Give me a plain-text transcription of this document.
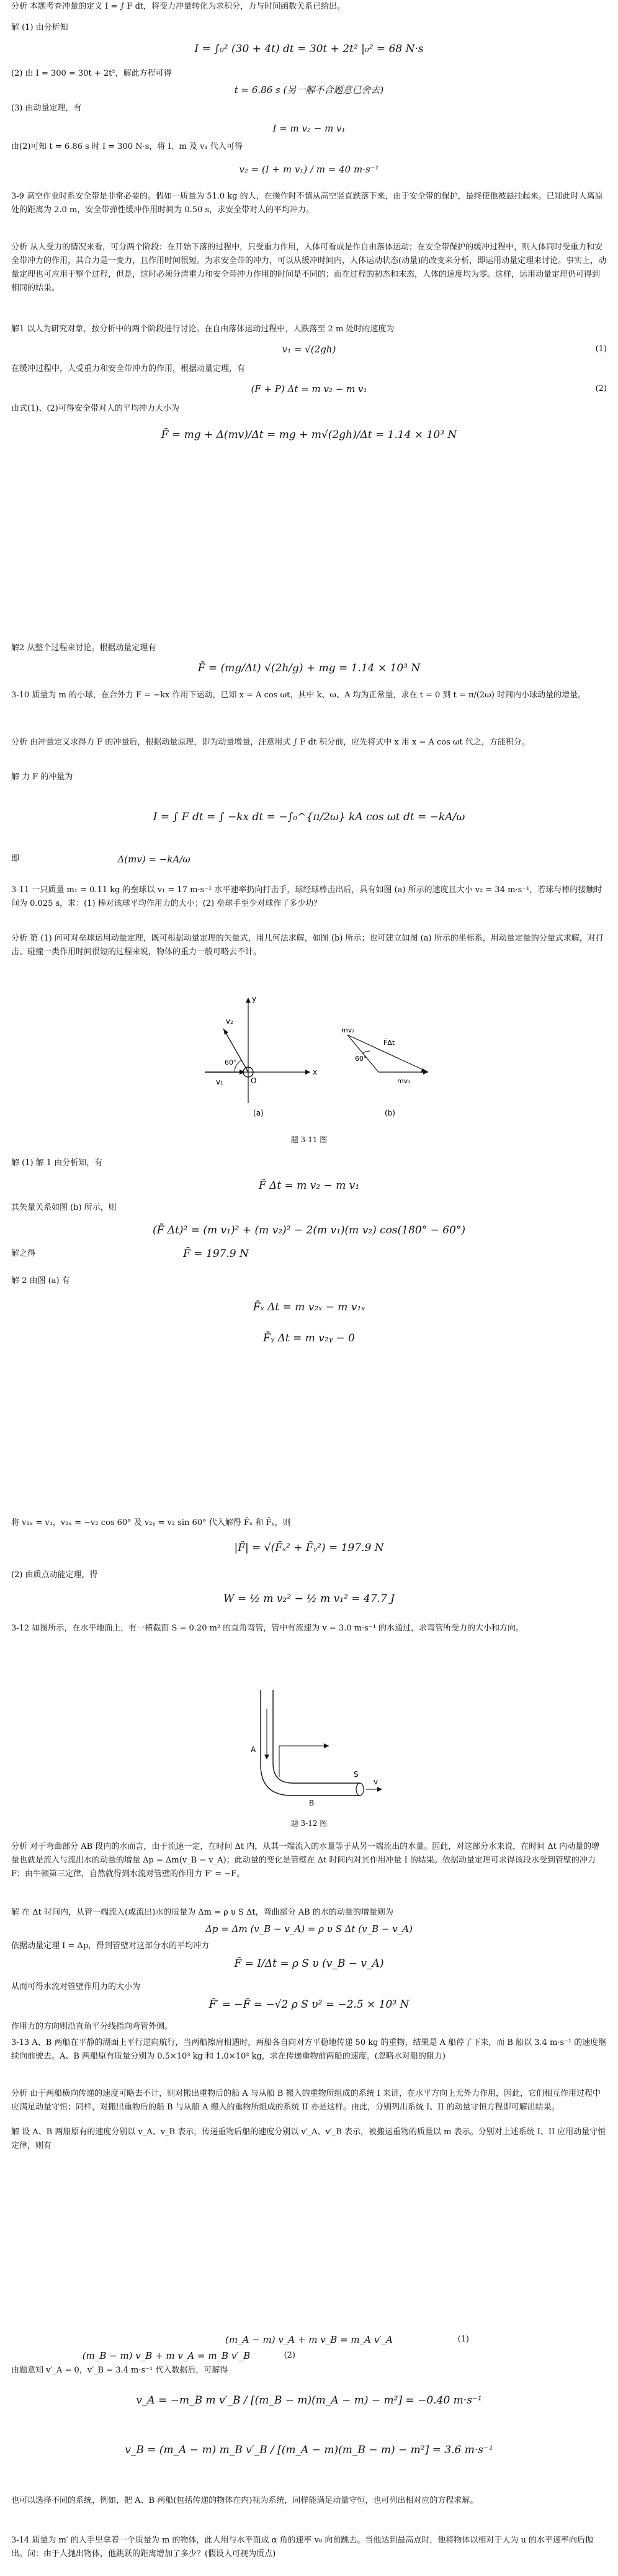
分析 本题考查冲量的定义 I = ∫ F dt，将变力冲量转化为求积分，力与时间函数关系已给出。

解 (1) 由分析知

I = ∫₀² (30 + 4t) dt = 30t + 2t² |₀² = 68 N·s

(2) 由 I = 300 = 30t + 2t²，解此方程可得

t = 6.86 s (另一解不合题意已舍去)

(3) 由动量定理，有

I = m v₂ − m v₁

由(2)可知 t = 6.86 s 时 I = 300 N·s，将 I、m 及 v₁ 代入可得

v₂ = (I + m v₁) / m = 40 m·s⁻¹

3-9 高空作业时系安全带是非常必要的。假如一质量为 51.0 kg 的人，在操作时不慎从高空竖直跌落下来，由于安全带的保护，最终使他被悬挂起来。已知此时人离原处的距离为 2.0 m，安全带弹性缓冲作用时间为 0.50 s，求安全带对人的平均冲力。

分析 从人受力的情况来看，可分两个阶段：在开始下落的过程中，只受重力作用，人体可看成是作自由落体运动；在安全带保护的缓冲过程中，则人体同时受重力和安全带冲力的作用，其合力是一变力，且作用时间很短。为求安全带的冲力，可以从缓冲时间内，人体运动状态(动量)的改变来分析，即运用动量定理来讨论。事实上，动量定理也可应用于整个过程，但是，这时必须分清重力和安全带冲力作用的时间是不同的；而在过程的初态和末态，人体的速度均为零。这样，运用动量定理仍可得到相同的结果。

解1 以人为研究对象，按分析中的两个阶段进行讨论。在自由落体运动过程中，人跌落至 2 m 处时的速度为

v₁ = √(2gh)	(1)

在缓冲过程中，人受重力和安全带冲力的作用，根据动量定理，有

(F + P) Δt = m v₂ − m v₁	(2)

由式(1)、(2)可得安全带对人的平均冲力大小为

F̄ = mg + Δ(mv)/Δt = mg + m√(2gh)/Δt = 1.14 × 10³ N

解2 从整个过程来讨论。根据动量定理有

F̄ = (mg/Δt) √(2h/g) + mg = 1.14 × 10³ N

3-10 质量为 m 的小球，在合外力 F = −kx 作用下运动，已知 x = A cos ωt，其中 k、ω、A 均为正常量，求在 t = 0 到 t = π/(2ω) 时间内小球动量的增量。

分析 由冲量定义求得力 F 的冲量后，根据动量原理，即为动量增量，注意用式 ∫ F dt 积分前，应先将式中 x 用 x = A cos ωt 代之，方能积分。

解 力 F 的冲量为

I = ∫ F dt = ∫ −kx dt = −∫₀^{π/2ω} kA cos ωt dt = −kA/ω

即	Δ(mv) = −kA/ω

3-11 一只质量 m₁ = 0.11 kg 的垒球以 v₁ = 17 m·s⁻¹ 水平速率扔向打击手，球经球棒击出后，具有如图 (a) 所示的速度且大小 v₂ = 34 m·s⁻¹，若球与棒的接触时间为 0.025 s，求：(1) 棒对该球平均作用力的大小；(2) 垒球手至少对球作了多少功？

分析 第 (1) 问可对垒球运用动量定理，既可根据动量定理的矢量式，用几何法求解，如图 (b) 所示；也可建立如图 (a) 所示的坐标系，用动量定量的分量式求解，对打击、碰撞一类作用时间很短的过程来说，物体的重力一般可略去不计。

x
y
60°
v₁
v₂
O
(a)
F̄Δt
60°
mv₂
mv₁
(b)

题 3-11 图

解 (1) 解 1 由分析知，有

F̄ Δt = m v₂ − m v₁

其矢量关系如图 (b) 所示，则

(F̄ Δt)² = (m v₁)² + (m v₂)² − 2(m v₁)(m v₂) cos(180° − 60°)

解之得	F̄ = 197.9 N

解 2 由图 (a) 有

F̄ₓ Δt = m v₂ₓ − m v₁ₓ

F̄ᵧ Δt = m v₂ᵧ − 0

将 v₁ₓ = v₁，v₂ₓ = −v₂ cos 60° 及 v₂ᵧ = v₂ sin 60° 代入解得 F̄ₓ 和 F̄ᵧ，则

|F̄| = √(F̄ₓ² + F̄ᵧ²) = 197.9 N

(2) 由质点动能定理，得

W = ½ m v₂² − ½ m v₁² = 47.7 J

3-12 如图所示，在水平地面上，有一横截面 S = 0.20 m² 的直角弯管，管中有流速为 v = 3.0 m·s⁻¹ 的水通过，求弯管所受力的大小和方向。

A
B
S
v

题 3-12 图

分析 对于弯曲部分 AB 段内的水而言，由于流速一定，在时间 Δt 内，从其一端流入的水量等于从另一端流出的水量。因此，对这部分水来说，在时间 Δt 内动量的增量也就是流入与流出水的动量的增量 Δp = Δm(v_B − v_A)；此动量的变化是管壁在 Δt 时间内对其作用冲量 I 的结果。依据动量定理可求得该段水受到管壁的冲力 F；由牛顿第三定律，自然就得到水流对管壁的作用力 F′ = −F。

解 在 Δt 时间内，从管一端流入(或流出)水的质量为 Δm = ρ υ S Δt，弯曲部分 AB 的水的动量的增量则为

Δp = Δm (v_B − v_A) = ρ υ S Δt (v_B − v_A)

依据动量定理 I = Δp，得到管壁对这部分水的平均冲力

F̄ = I/Δt = ρ S υ (v_B − v_A)

从而可得水流对管壁作用力的大小为

F̄′ = −F̄ = −√2 ρ S υ² = −2.5 × 10³ N

作用力的方向则沿直角平分线指向弯管外侧。

3-13 A、B 两船在平静的湖面上平行逆向航行，当两船擦肩相遇时，两船各自向对方平稳地传递 50 kg 的重物，结果是 A 船停了下来，而 B 船以 3.4 m·s⁻¹ 的速度继续向前驶去。A、B 两船原有质量分别为 0.5×10³ kg 和 1.0×10³ kg，求在传递重物前两船的速度。(忽略水对船的阻力)

分析 由于两船横向传递的速度可略去不计，则对搬出重物后的船 A 与从船 B 搬入的重物所组成的系统 I 来讲，在水平方向上无外力作用，因此，它们相互作用过程中应满足动量守恒；同样，对搬出重物后的船 B 与从船 A 搬入的重物所组成的系统 II 亦是这样。由此，分别列出系统 I、II 的动量守恒方程即可解出结果。

解 设 A、B 两船原有的速度分别以 v_A、v_B 表示，传递重物后船的速度分别以 v′_A、v′_B 表示，被搬运重物的质量以 m 表示。分别对上述系统 I、II 应用动量守恒定律，则有

(m_A − m) v_A + m v_B = m_A v′_A	(1)

(m_B − m) v_B + m v_A = m_B v′_B	(2)

由题意知 v′_A = 0，v′_B = 3.4 m·s⁻¹ 代入数据后，可解得

v_A = −m_B m v′_B / [(m_B − m)(m_A − m) − m²] = −0.40 m·s⁻¹

v_B = (m_A − m) m_B v′_B / [(m_A − m)(m_B − m) − m²] = 3.6 m·s⁻¹

也可以选择不同的系统，例如，把 A、B 两船(包括传递的物体在内)视为系统，同样能满足动量守恒，也可列出相对应的方程求解。

3-14 质量为 m′ 的人手里拿着一个质量为 m 的物体，此人用与水平面成 α 角的速率 v₀ 向前跳去。当他达到最高点时，他将物体以相对于人为 u 的水平速率向后抛出。问：由于人抛出物体，他跳跃的距离增加了多少？(假设人可视为质点)
